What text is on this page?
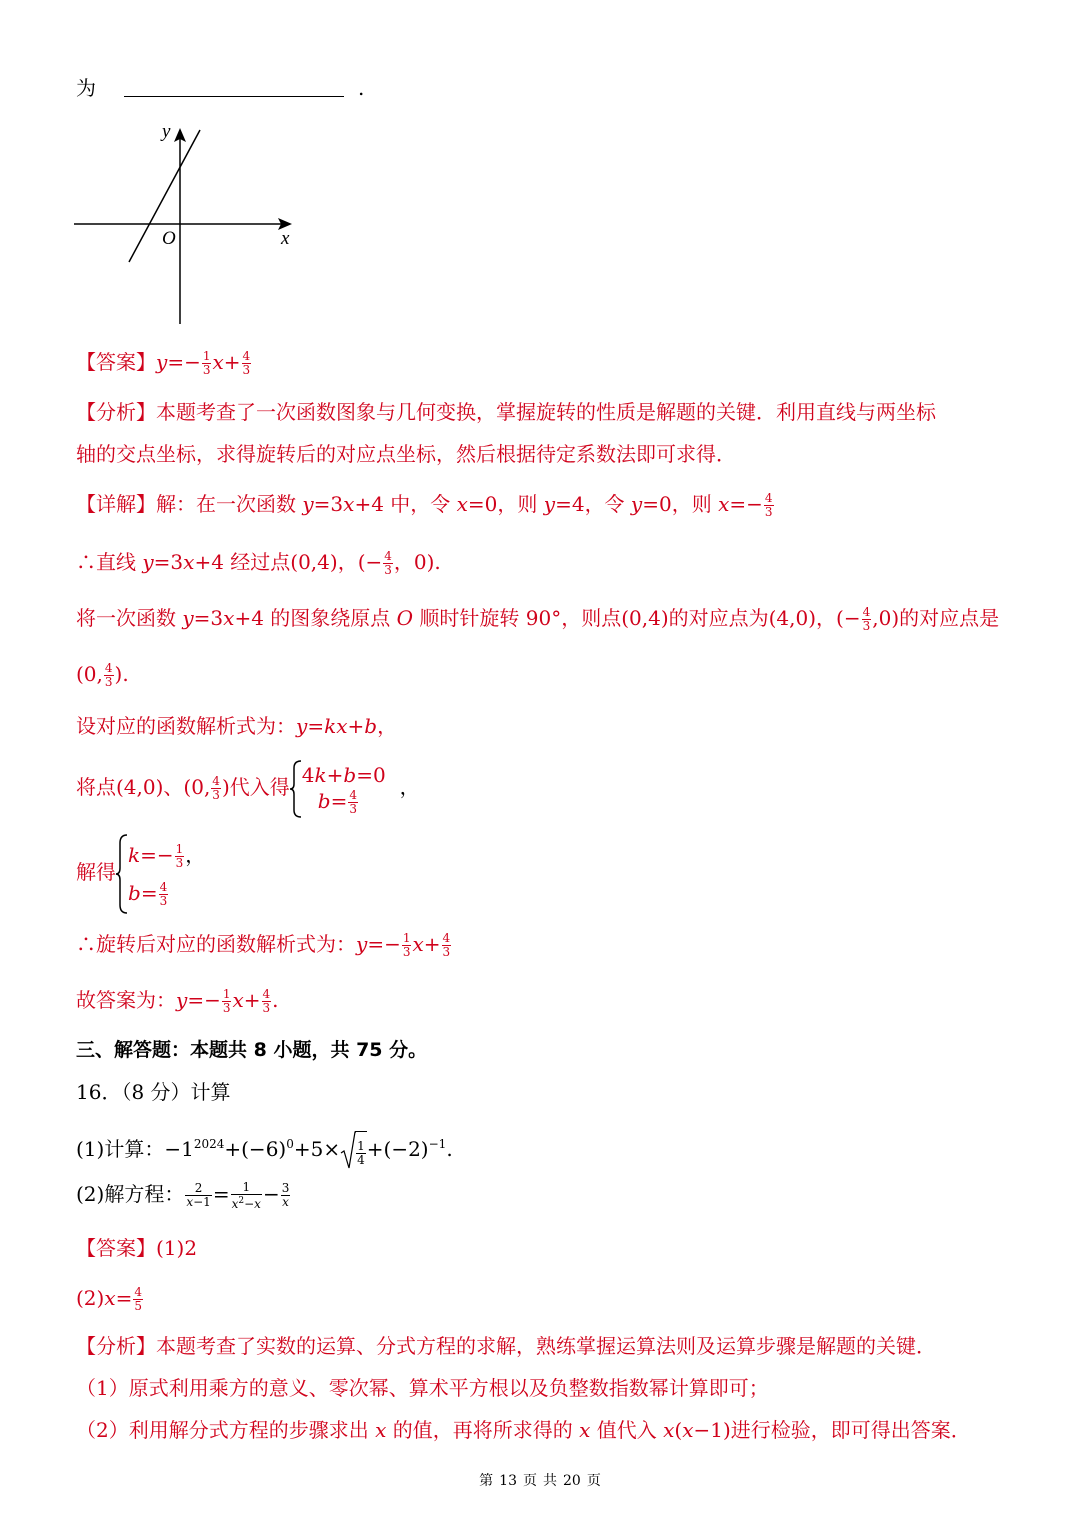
为	.
y
x
O
【答案】$y=- \frac{1}{3} x+ \frac{4}{3}$
【分析】本题考查了一次函数图象与几何变换，掌握旋转的性质是解题的关键．利用直线与两坐标
轴的交点坐标，求得旋转后的对应点坐标，然后根据待定系数法即可求得．
【详解】解：在一次函数 y=3x+4 中，令 x=0，则 y=4，令 y=0，则 $x=- \frac{4}{3}$
∴直线 y=3x+4 经过点(0,4)，(− $\frac{4}{3}$ ，0).
将一次函数 y=3x+4 的图象绕原点 O 顺时针旋转 90°，则点(0,4)的对应点为(4,0)，(− $\frac{4}{3} ,0$)的对应点是
(0, $\frac{4}{3}$ ).
设对应的函数解析式为：y=kx+b，
将点(4,0)、(0, $\frac{4}{3}$ )代入得
4k+b=0
$b= \frac{4}{3}$
，
解得
$k=- \frac{1}{3}$ ，
$b= \frac{4}{3}$
∴旋转后对应的函数解析式为：$y=- \frac{1}{3} x+ \frac{4}{3}$
故答案为：$y=- \frac{1}{3} x+ \frac{4}{3}$ .
三、解答题：本题共 8 小题，共 75 分。
16．（8 分）计算
(1)计算：$-1^{2024}+(-6)^0+5\times \frac{1}{4} +(-2)^{-1}$.
(2)解方程： $\frac{2}{x-1} = \frac{1}{x^2-x} - \frac{3}{x}$
【答案】(1)2
$(2)x= \frac{4}{5}$
【分析】本题考查了实数的运算、分式方程的求解，熟练掌握运算法则及运算步骤是解题的关键．
（1）原式利用乘方的意义、零次幂、算术平方根以及负整数指数幂计算即可；
（2）利用解分式方程的步骤求出 x 的值，再将所求得的 x 值代入 x(x−1)进行检验，即可得出答案．
第 13 页 共 20 页
